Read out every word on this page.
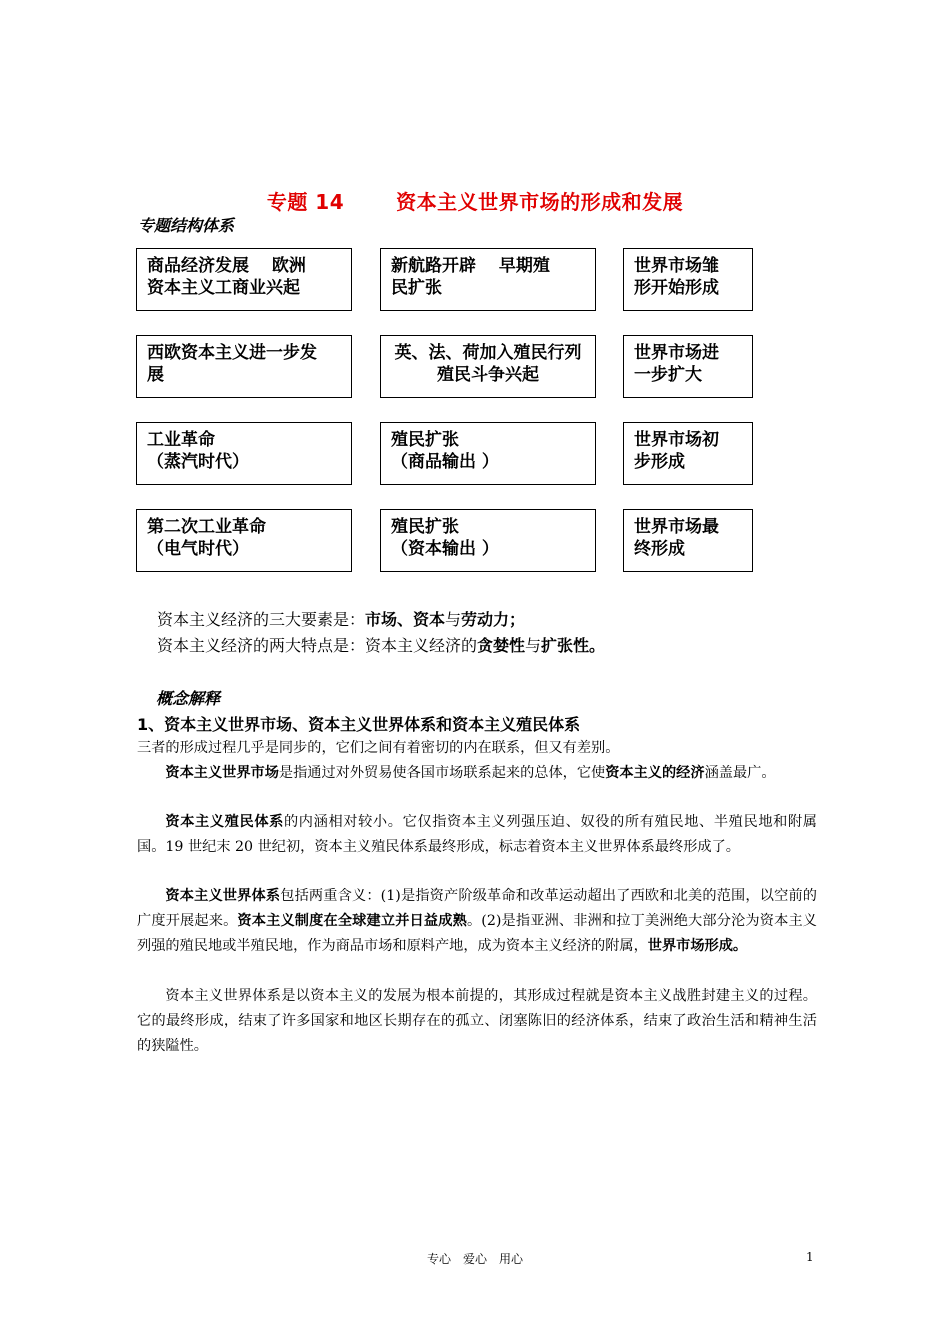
专题 14	资本主义世界市场的形成和发展
专题结构体系
商品经济发展　 欧洲
资本主义工商业兴起
新航路开辟　 早期殖
民扩张
世界市场雏
形开始形成
西欧资本主义进一步发
展
英、法、荷加入殖民行列
殖民斗争兴起
世界市场进
一步扩大
工业革命
（蒸汽时代）
殖民扩张
（商品输出 ）
世界市场初
步形成
第二次工业革命
（电气时代）
殖民扩张
（资本输出 ）
世界市场最
终形成
资本主义经济的三大要素是：市场、资本与劳动力；
资本主义经济的两大特点是：资本主义经济的贪婪性与扩张性。
概念解释
1、资本主义世界市场、资本主义世界体系和资本主义殖民体系
三者的形成过程几乎是同步的，它们之间有着密切的内在联系，但又有差别。
资本主义世界市场是指通过对外贸易使各国市场联系起来的总体，它使资本主义的经济涵盖最广。
资本主义殖民体系的内涵相对较小。它仅指资本主义列强压迫、奴役的所有殖民地、半殖民地和附属国。19 世纪末 20 世纪初，资本主义殖民体系最终形成，标志着资本主义世界体系最终形成了。
资本主义世界体系包括两重含义：(1)是指资产阶级革命和改革运动超出了西欧和北美的范围，以空前的广度开展起来。资本主义制度在全球建立并日益成熟。(2)是指亚洲、非洲和拉丁美洲绝大部分沦为资本主义列强的殖民地或半殖民地，作为商品市场和原料产地，成为资本主义经济的附属，世界市场形成。
资本主义世界体系是以资本主义的发展为根本前提的，其形成过程就是资本主义战胜封建主义的过程。它的最终形成，结束了许多国家和地区长期存在的孤立、闭塞陈旧的经济体系，结束了政治生活和精神生活的狭隘性。
专心　爱心　用心	1
